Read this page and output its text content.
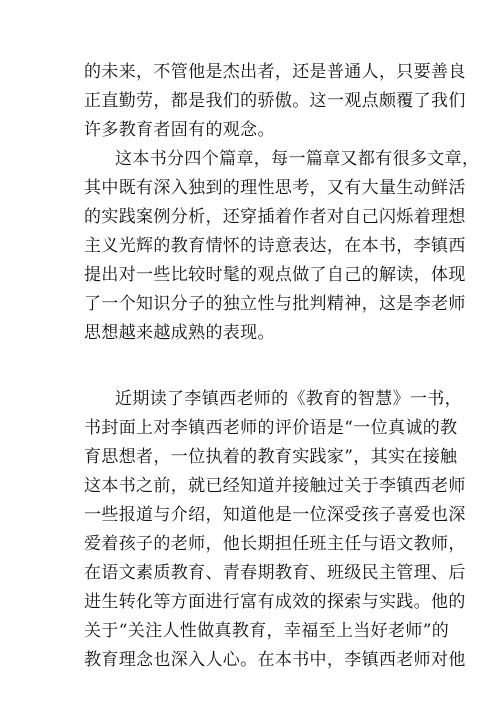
的未来，不管他是杰出者，还是普通人，只要善良
正直勤劳，都是我们的骄傲。这一观点颇覆了我们
许多教育者固有的观念。
这本书分四个篇章，每一篇章又都有很多文章，
其中既有深入独到的理性思考，又有大量生动鲜活
的实践案例分析，还穿插着作者对自己闪烁着理想
主义光辉的教育情怀的诗意表达，在本书，李镇西
提出对一些比较时髦的观点做了自己的解读，体现
了一个知识分子的独立性与批判精神，这是李老师
思想越来越成熟的表现。
近期读了李镇西老师的《教育的智慧》一书，
书封面上对李镇西老师的评价语是“一位真诚的教
育思想者，一位执着的教育实践家”，其实在接触
这本书之前，就已经知道并接触过关于李镇西老师
一些报道与介绍，知道他是一位深受孩子喜爱也深
爱着孩子的老师，他长期担任班主任与语文教师，
在语文素质教育、青春期教育、班级民主管理、后
进生转化等方面进行富有成效的探索与实践。他的
关于“关注人性做真教育，幸福至上当好老师”的
教育理念也深入人心。在本书中，李镇西老师对他
